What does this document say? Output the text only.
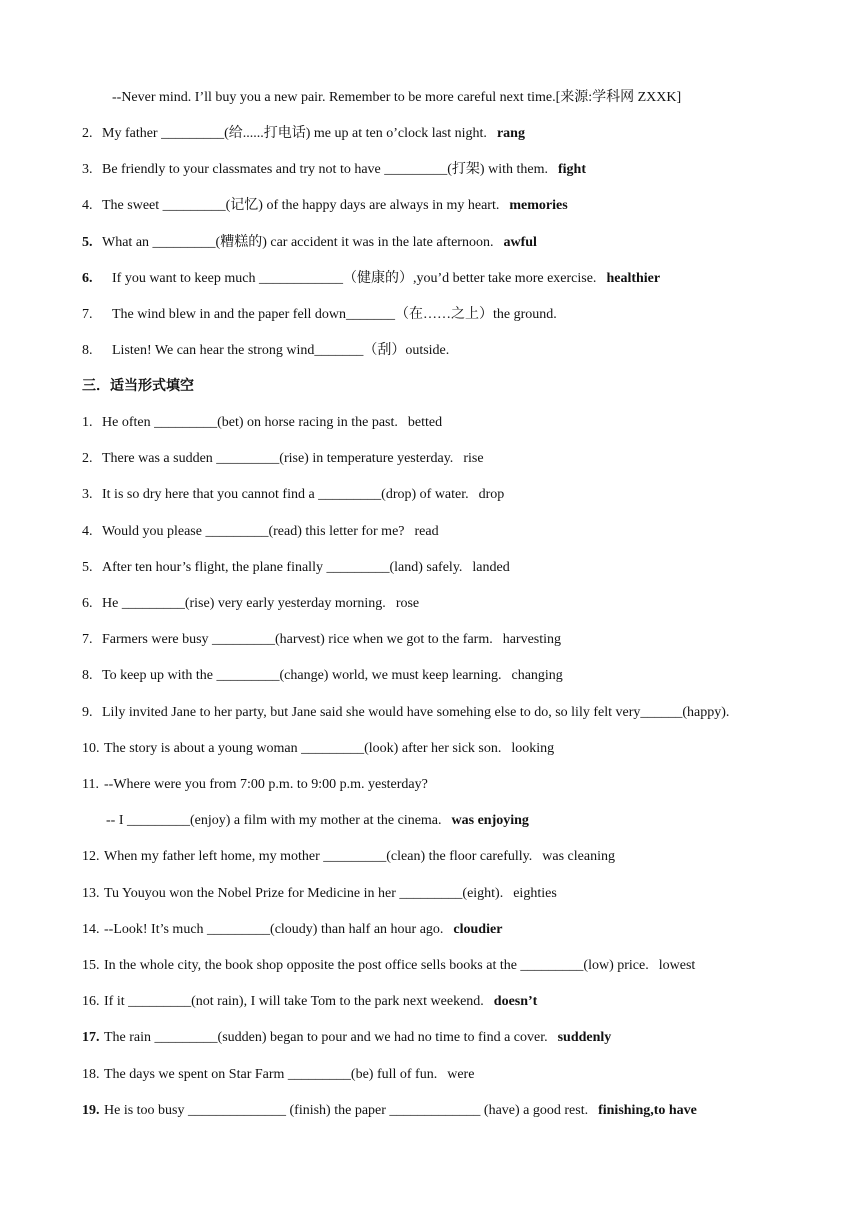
--Never mind. I’ll buy you a new pair. Remember to be more careful next time.[来源:学科网 ZXXK]
2. My father _________(给......打电话) me up at ten o’clock last night. rang
3. Be friendly to your classmates and try not to have _________(打架) with them. fight
4. The sweet _________(记忆) of the happy days are always in my heart. memories
5. What an _________(糟糕的) car accident it was in the late afternoon. awful
6. If you want to keep much ____________（健康的）,you’d better take more exercise. healthier
7. The wind blew in and the paper fell down_______（在……之上）the ground.
8. Listen! We can hear the strong wind_______（刮）outside.
三．适当形式填空
1. He often _________(bet) on horse racing in the past. betted
2. There was a sudden _________(rise) in temperature yesterday. rise
3. It is so dry here that you cannot find a _________(drop) of water. drop
4. Would you please _________(read) this letter for me? read
5. After ten hour’s flight, the plane finally _________(land) safely. landed
6. He _________(rise) very early yesterday morning. rose
7. Farmers were busy _________(harvest) rice when we got to the farm. harvesting
8. To keep up with the _________(change) world, we must keep learning. changing
9. Lily invited Jane to her party, but Jane said she would have somehing else to do, so lily felt very______(happy).
10. The story is about a young woman _________(look) after her sick son. looking
11. --Where were you from 7:00 p.m. to 9:00 p.m. yesterday?
-- I _________(enjoy) a film with my mother at the cinema. was enjoying
12. When my father left home, my mother _________(clean) the floor carefully. was cleaning
13. Tu Youyou won the Nobel Prize for Medicine in her _________(eight). eighties
14. --Look! It’s much _________(cloudy) than half an hour ago. cloudier
15. In the whole city, the book shop opposite the post office sells books at the _________(low) price. lowest
16. If it _________(not rain), I will take Tom to the park next weekend. doesn’t
17. The rain _________(sudden) began to pour and we had no time to find a cover. suddenly
18. The days we spent on Star Farm _________(be) full of fun. were
19. He is too busy ______________ (finish) the paper _____________ (have) a good rest. finishing,to have
